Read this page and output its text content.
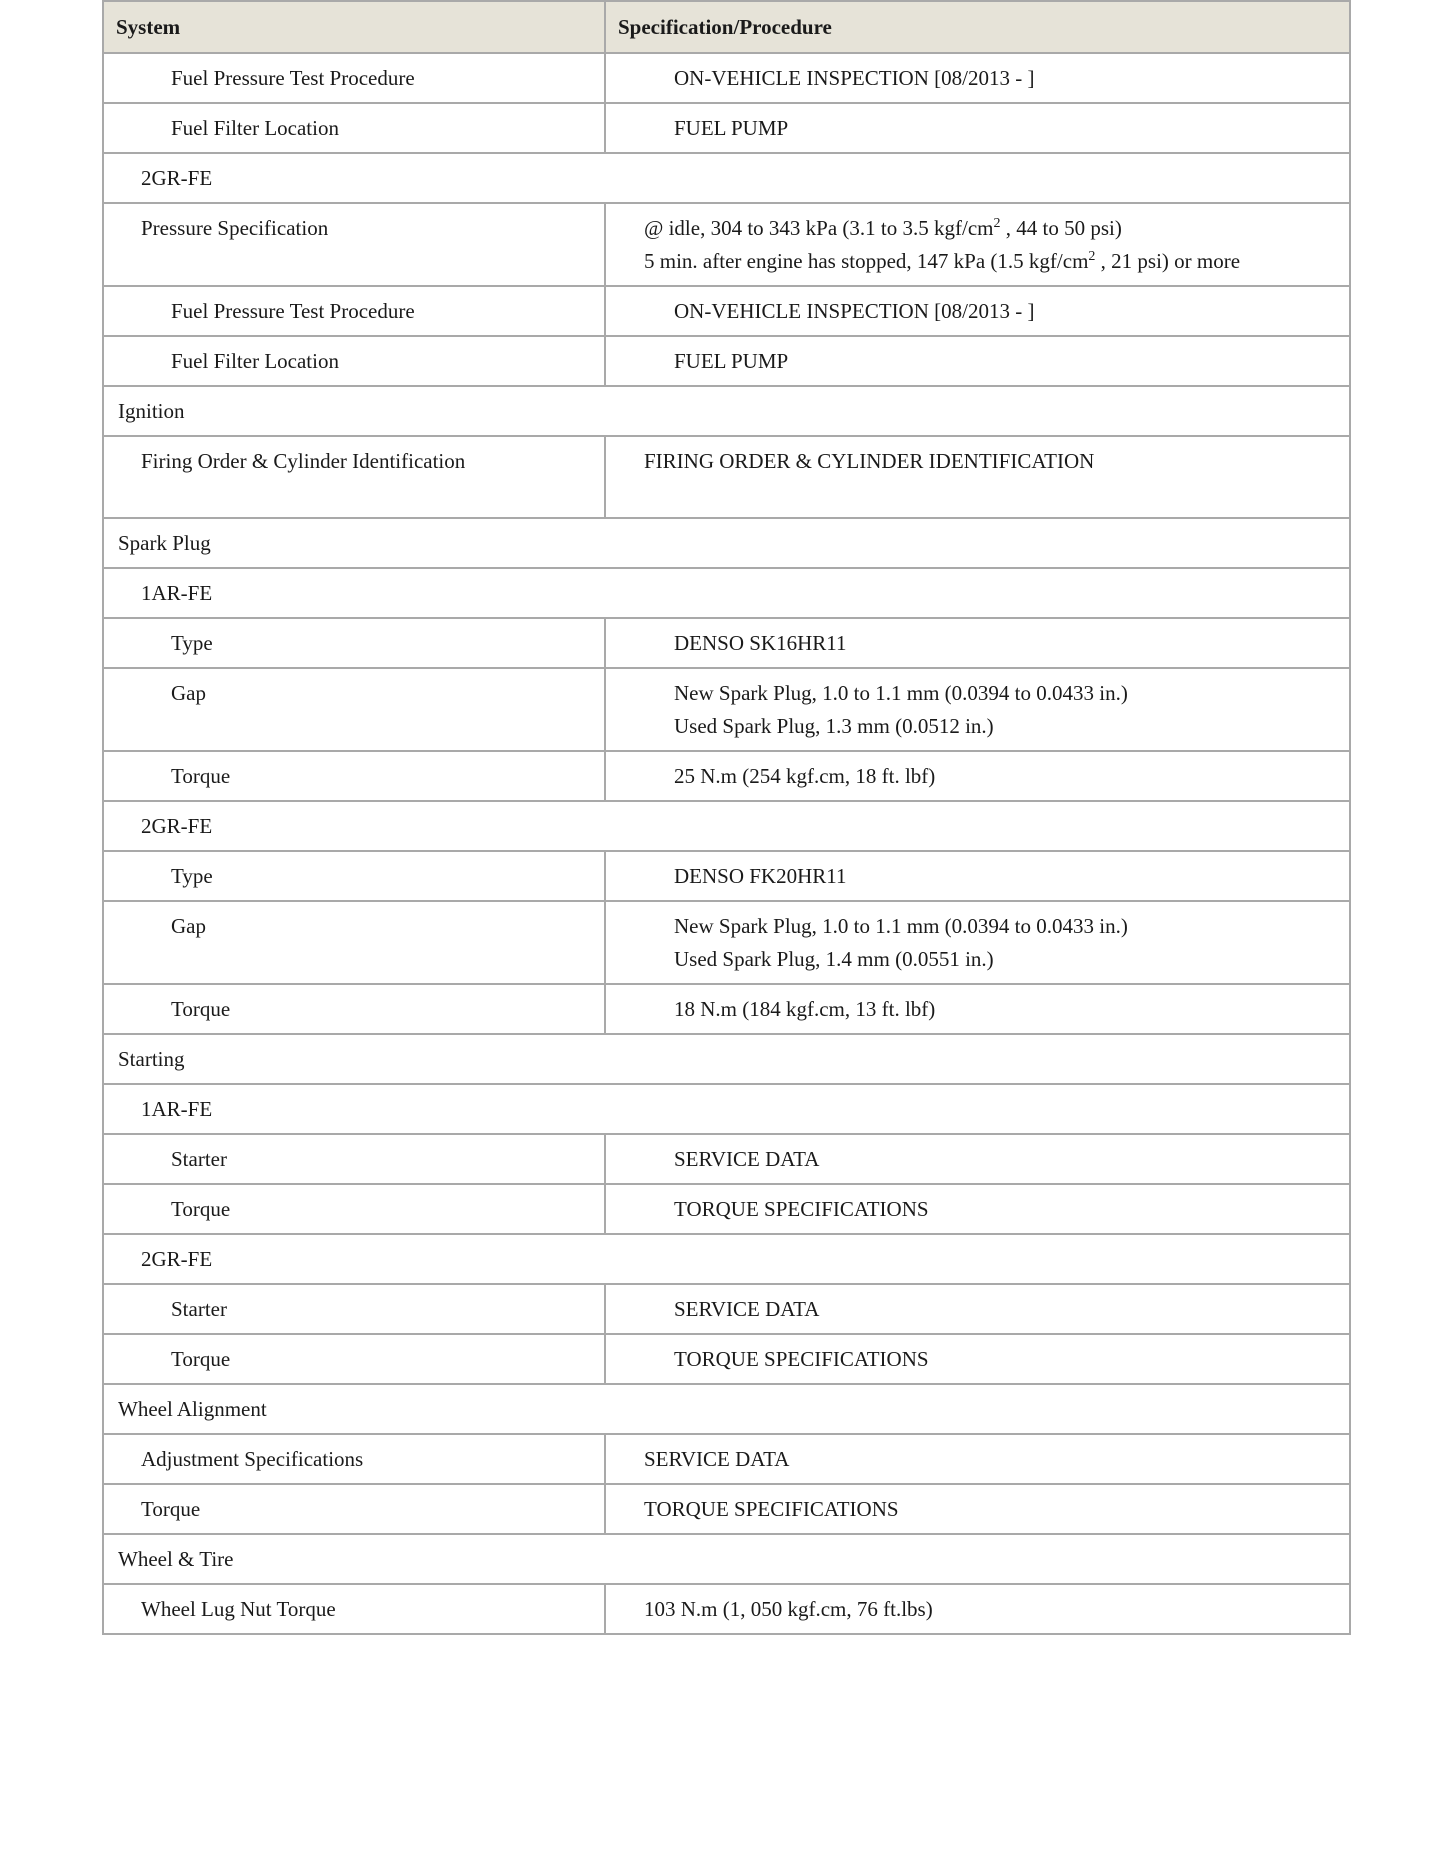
System	Specification/Procedure
Fuel Pressure Test Procedure	ON-VEHICLE INSPECTION [08/2013 - ]
Fuel Filter Location	FUEL PUMP
2GR-FE	
Pressure Specification	@ idle, 304 to 343 kPa (3.1 to 3.5 kgf/$cm^2$ , 44 to 50 psi)
5 min. after engine has stopped, 147 kPa (1.5 kgf/$cm^2$ , 21 psi) or more

Fuel Pressure Test Procedure	ON-VEHICLE INSPECTION [08/2013 - ]
Fuel Filter Location	FUEL PUMP
Ignition	
Firing Order & Cylinder Identification	FIRING ORDER & CYLINDER IDENTIFICATION
Spark Plug	
1AR-FE	
Type	DENSO SK16HR11
Gap	New Spark Plug, 1.0 to 1.1 mm (0.0394 to 0.0433 in.)
Used Spark Plug, 1.3 mm (0.0512 in.)

Torque	25 N.m (254 kgf.cm, 18 ft. lbf)
2GR-FE	
Type	DENSO FK20HR11
Gap	New Spark Plug, 1.0 to 1.1 mm (0.0394 to 0.0433 in.)
Used Spark Plug, 1.4 mm (0.0551 in.)

Torque	18 N.m (184 kgf.cm, 13 ft. lbf)
Starting	
1AR-FE	
Starter	SERVICE DATA
Torque	TORQUE SPECIFICATIONS
2GR-FE	
Starter	SERVICE DATA
Torque	TORQUE SPECIFICATIONS
Wheel Alignment	
Adjustment Specifications	SERVICE DATA
Torque	TORQUE SPECIFICATIONS
Wheel & Tire	
Wheel Lug Nut Torque	103 N.m (1, 050 kgf.cm, 76 ft.lbs)
